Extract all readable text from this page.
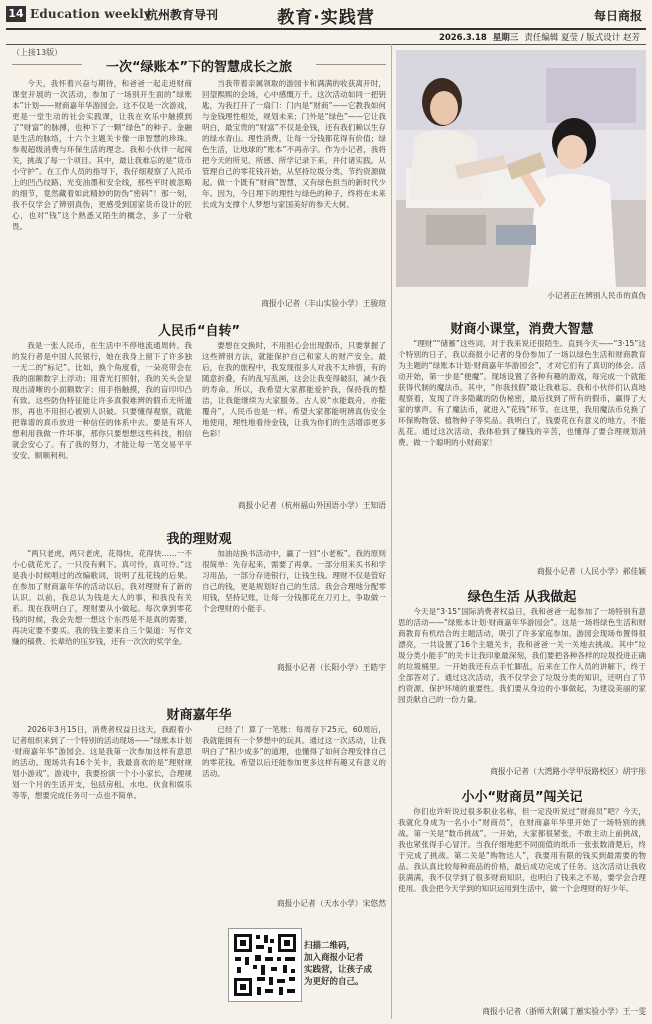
14 Education weekly
杭州教育导刊	教育·实践营	每日商报
2026.3.18 星期三 责任编辑 夏莹 / 版式设计 赵芳
（上接13版）
一次“绿账本”下的智慧成长之旅

今天，我怀着兴奋与期待，和爸爸一起走进财商课堂开展的一次活动，参加了一场别开生面的“绿账本”计划——财商嘉年华游园会。这不仅是一次游戏，更是一堂生动的社会实践课，让我在欢乐中触摸到了“财富”的脉搏，也种下了一颗“绿色”的种子。金融是生活的脉络，十六个主题关卡像一串智慧的珍珠。参观超级消费与环保生活的理念。我和小伙伴一起闯关，挑战了每一个项目。其中，最让我难忘的是“货币小守护”。在工作人员的指导下，我仔细观察了人民币上的凹凸纹路、光变油墨和安全线，那些平时被忽略的细节，竟然藏着如此精妙的防伪“密码”！那一刻，我不仅学会了辨别真伪，更感受到国家货币设计的匠心，也对“钱”这个熟悉又陌生的概念，多了一分敬畏。

当我带着亲属领取的游园卡和满满的收获离开时，回望熙熙的会场，心中感慨万千。这次活动如同一把钥匙，为我打开了一扇门：门内是“财商”——它教我如何与金钱理性相处，规划未来；门外是“绿色”——它让我明白，最宝贵的“财富”不仅是金钱，还有我们赖以生存的绿水青山。理性消费，让每一分钱都花得有价值；绿色生活，让地球的“账本”不再赤字。作为小记者，我将把今天的所见、所感、所学记录下来，并付诸实践。从管理自己的零花钱开始，从坚持垃圾分类、节约资源做起。做一个既有“财商”智慧，又有绿色担当的新时代少年。因为，今日埋下的理性与绿色的种子，终将在未来长成为支撑个人梦想与家国美好的参天大树。

商报小记者（丰山实验小学）王骏瑄
人民币“自转”

我是一张人民币，在生活中不停地流通周转。我的发行者是中国人民银行，她在我身上留下了许多独一无二的“标记”。比如，换个角度看，一朵亮带会在我的面额数字上浮动；用背光打照射，我的关头会显现出清晰的小面额数字；用手指触摸，我的盲印印凸有致。这些防伪特征能让许多真假难辨的假币无所遁形，再也不用担心被别人识破。只要懂得观察，就能把靠谱的真币放进一种信任的体系中去。要是有坏人想利用我做一件坏事，那你只要想想这些科技，相信就会安心了。有了我的努力，才能让每一笔交易平平安安、顺顺利利。

要想在交换时，不用担心会出现假币，只要掌握了这些辨别方法，就能保护自己和家人的财产安全。最后，在我的旅程中，我发现很多人对我不太珍惜，有的随意折叠，有的乱写乱画，这会让我变得破旧，减少我的寿命。所以，我希望大家都能爱护我，保持我的整洁，让我能继续为大家服务。古人说“水能载舟，亦能覆舟”，人民币也是一样。希望大家都能明辨真伪安全地使用，理性地看待金钱，让我为你们的生活增添更多色彩！

商报小记者（杭州福山外国语小学）王知语
我的理财观

“两只老虎，两只老虎，花得快，花得快……一不小心就花光了，一只没有剩下。真可怜，真可怜。”这是我小时候唱过的改编歌词，说明了乱花钱的后果。在参加了财商嘉年华的活动以后，我对理财有了新的认识。以前，我总认为钱是大人的事，和我没有关系。现在我明白了，理财要从小做起。每次拿到零花钱的时候，我会先想一想这个东西是不是真的需要，再决定要不要买。我的钱主要来自三个渠道：写作文赚的稿费、长辈给的压岁钱，还有一次次的奖学金。

加油站换书活动中，赢了一回“小老板”。我的原则很简单：先存起来，需要了再拿。一部分用来买书和学习用品，一部分存进银行，让钱生钱。理财不仅是管好自己的钱，更是规划好自己的生活。我会合理地分配零用钱，坚持记账，让每一分钱都花在刀刃上，争取做一个会理财的小能手。

商报小记者（长阳小学）王皓宇
财商嘉年华

2026年3月15日，消费者权益日这天，我跟着小记者组织来到了一个特别的活动现场——“绿账本计划·财商嘉年华”游园会。这是我第一次参加这样有意思的活动。现场共有16个关卡，我最喜欢的是“理财规划小游戏”。游戏中，我要扮演一个小小家长，合理规划一个月的生活开支，包括房租、水电、伙食和娱乐等等，想要完成任务可一点也不简单。

已经了！算了一笔账：每周存下25元，60周后，我就能拥有一个梦想中的玩具。通过这一次活动，让我明白了“积少成多”的道理，也懂得了如何合理安排自己的零花钱。希望以后还能参加更多这样有趣又有意义的活动。

商报小记者（天水小学）宋悠然
扫描二维码，
加入商报小记者
实践营，让孩子成
为更好的自己。
小记者正在辨别人民币的真伪
财商小课堂，消费大智慧

“理财”“储蓄”这些词，对于我来说还很陌生。直到今天——“3·15”这个特别的日子，我以商报小记者的身份参加了一场以绿色生活和财商教育为主题的“绿账本计划·财商嘉年华游园会”，才对它们有了真切的体会。活动开始，第一步是“便魔”。现场设置了各种有趣的游戏，每完成一个就能获得代制的魔法币。其中，“你我找假”最让我难忘。我和小伙伴们认真地观察着，发现了许多隐藏的防伪秘密，最后找到了所有的假币，赢得了大家的掌声。有了魔法币，就进入“花钱”环节。在这里，我用魔法币兑换了环保购物袋、植物种子等奖品。我明白了，钱要花在有意义的地方，不能乱花。通过这次活动，我体验到了赚钱的辛苦，也懂得了要合理规划消费。做一个聪明的小财商家！

商报小记者（人民小学）郝佳颖
绿色生活 从我做起

今天是“3·15”国际消费者权益日，我和爸爸一起参加了一场特别有意思的活动——“绿账本计划·财商嘉年华游园会”。这是一场将绿色生活和财商教育有机结合的主题活动，吸引了许多家庭参加。游园会现场布置得很漂亮，一共设置了16个主题关卡，我和爸爸一关一关地去挑战。其中“垃圾分类小能手”的关卡让我印象最深刻，我们要把各种各样的垃圾投进正确的垃圾桶里。一开始我还有点手忙脚乱，后来在工作人员的讲解下，终于全部答对了。通过这次活动，我不仅学会了垃圾分类的知识，还明白了节约资源、保护环境的重要性。我们要从身边的小事做起，为建设美丽的家园贡献自己的一份力量。

商报小记者（大湾路小学甲辰路校区）胡宇彤
小小“财商员”闯关记

你们也许听说过很多职业名称，但一定没听说过“财商员”吧？今天，我就化身成为一名小小“财商员”，在财商嘉年华里开始了一场特别的挑战。第一关是“数币挑战”。一开始，大家都很紧张，不敢主动上前挑战，我也紧张得手心冒汗。当我仔细地把不同面值的纸币一张张数清楚后，终于完成了挑战。第二关是“购物达人”，我要用有限的钱买到最需要的物品。我认真比较每种商品的价格，最后成功完成了任务。这次活动让我收获满满，我不仅学到了很多财商知识，也明白了钱来之不易，要学会合理使用。我会把今天学到的知识运用到生活中，做一个会理财的好少年。

商报小记者（浙师大附属丁蕙实验小学）王一雯
